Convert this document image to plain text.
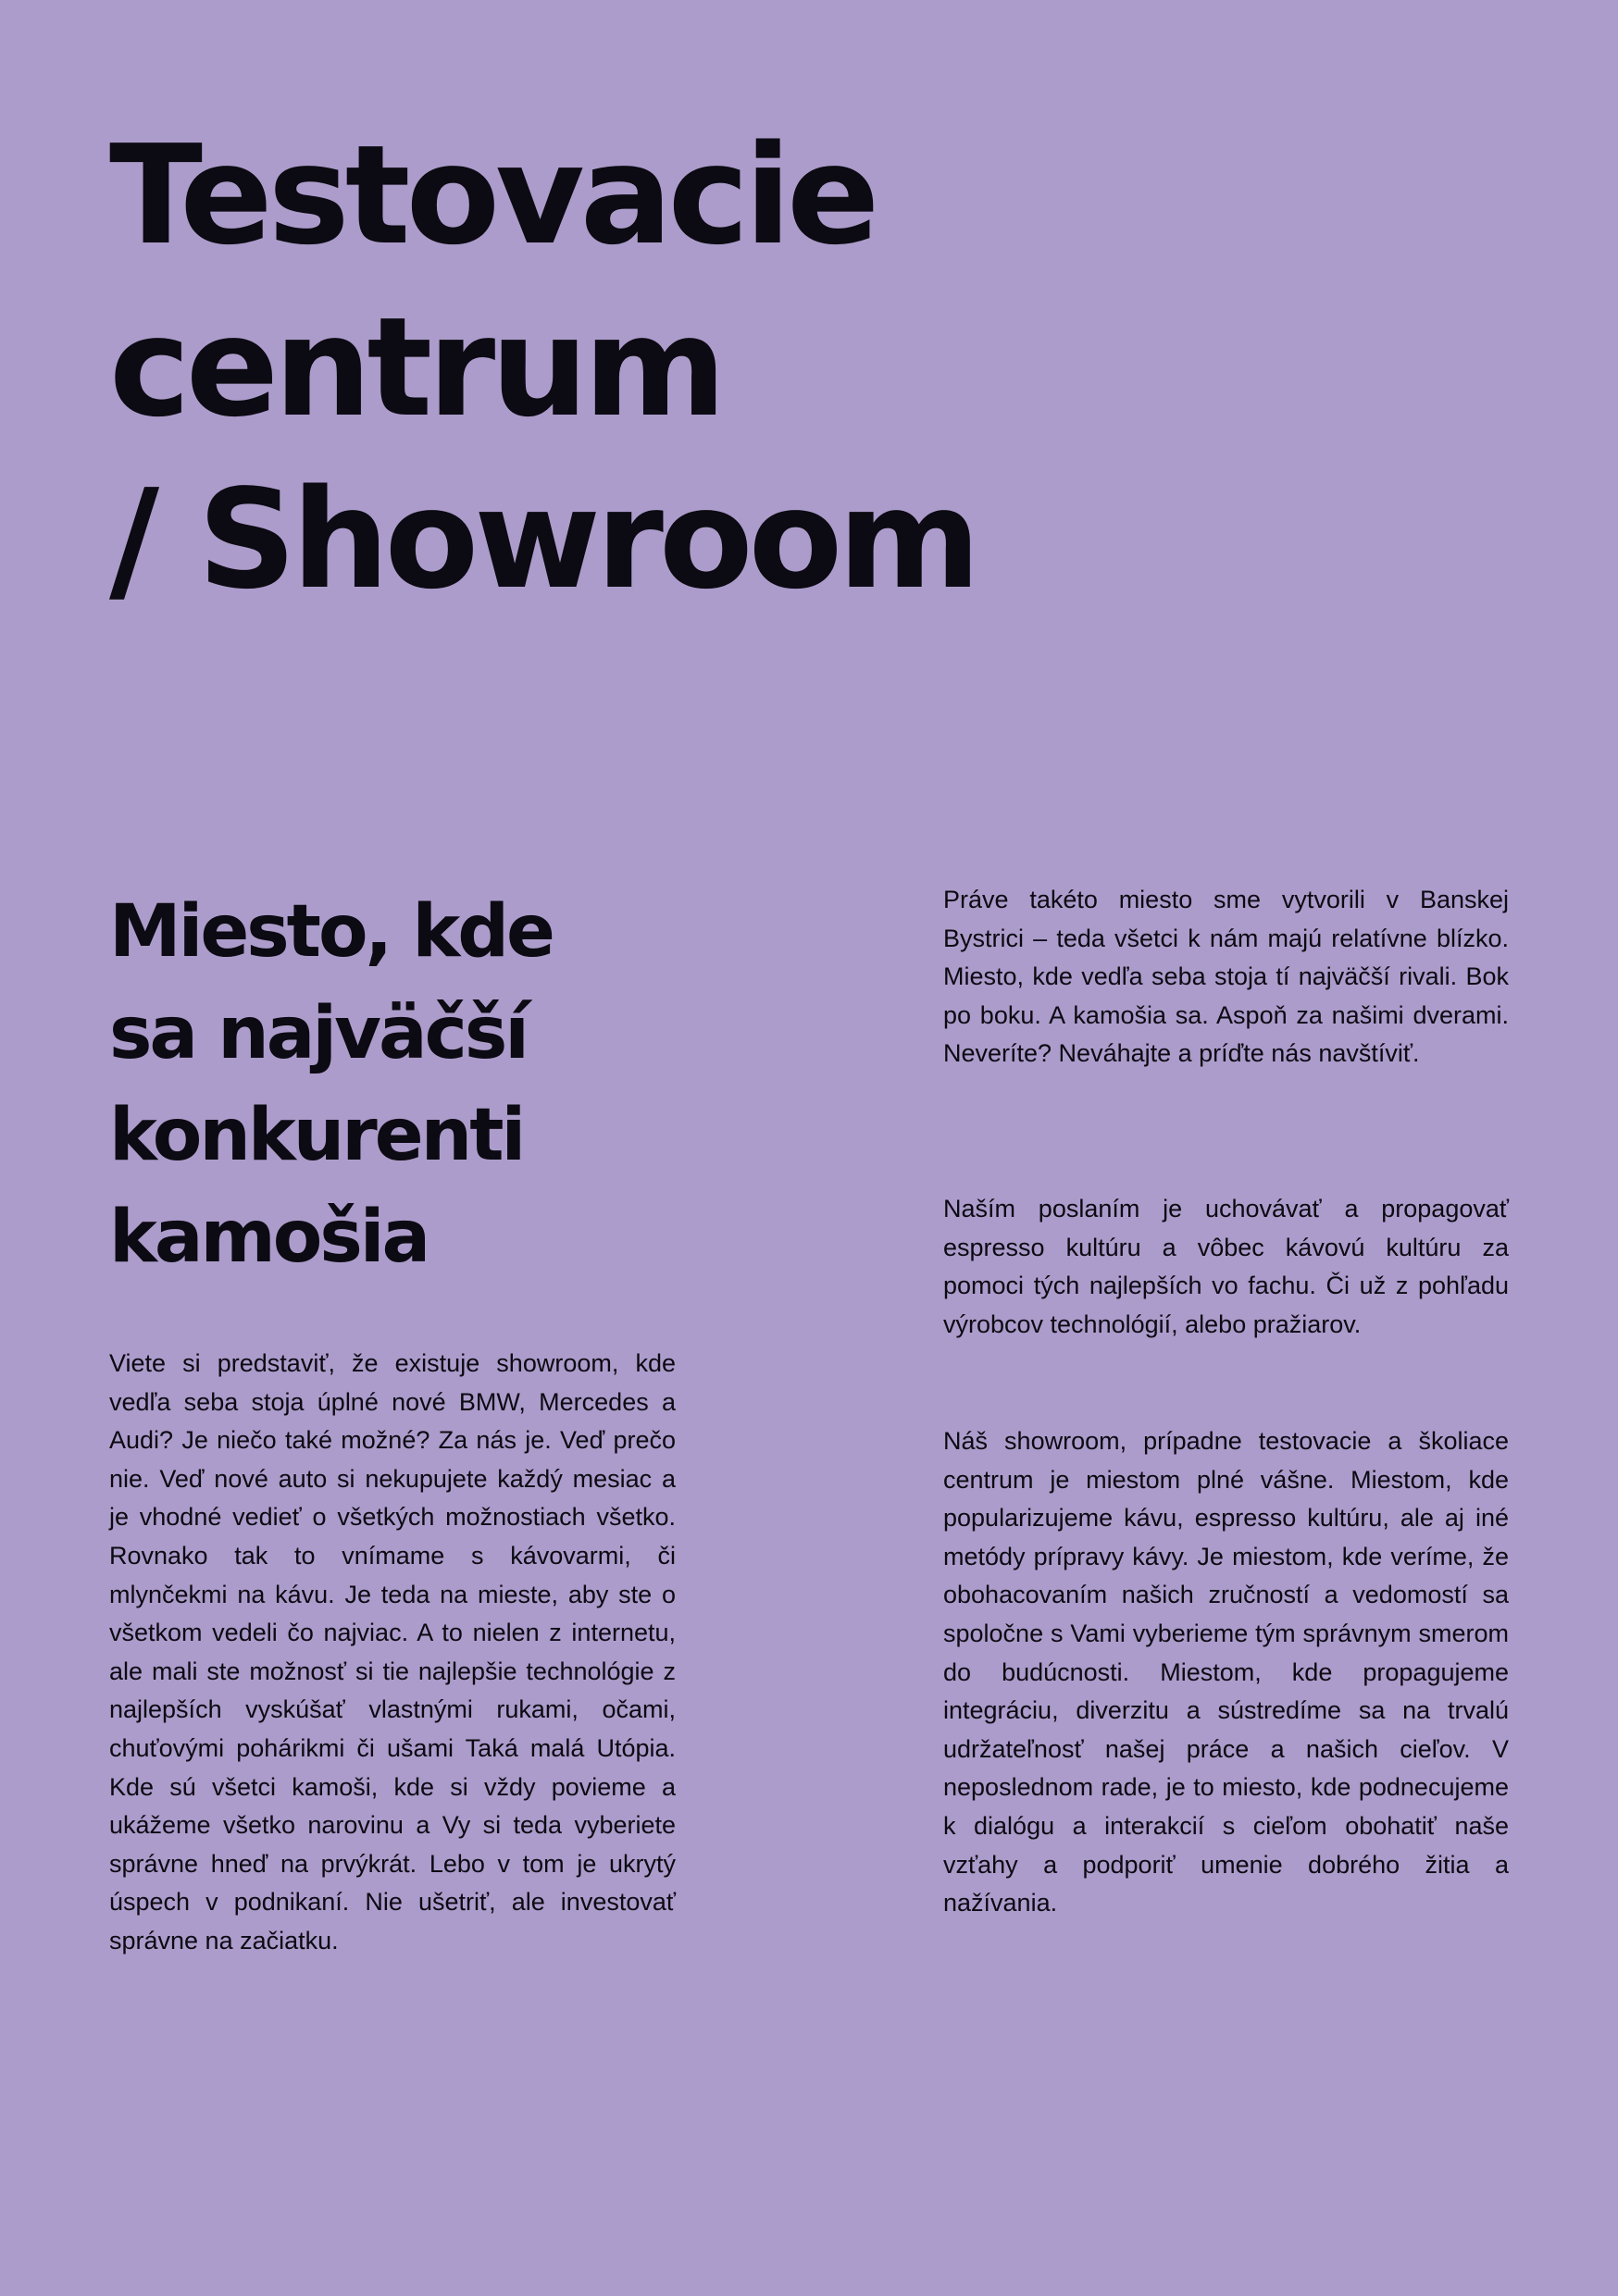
Testovacie
centrum
/ Showroom
Miesto, kde
sa najväčší
konkurenti
kamošia

Viete si predstaviť, že existuje showroom, kde vedľa seba stoja úplné nové BMW, Mercedes a Audi? Je niečo také možné? Za nás je. Veď prečo nie. Veď nové auto si nekupujete každý mesiac a je vhodné vedieť o všetkých možnostiach všetko. Rovnako tak to vnímame s kávovarmi, či mlynčekmi na kávu. Je teda na mieste, aby ste o všetkom vedeli čo najviac. A to nielen z internetu, ale mali ste možnosť si tie najlepšie technológie z najlepších vyskúšať vlastnými rukami, očami, chuťovými pohárikmi či ušami Taká malá Utópia. Kde sú všetci kamoši, kde si vždy povieme a ukážeme všetko narovinu a Vy si teda vyberiete správne hneď na prvýkrát. Lebo v tom je ukrytý úspech v podnikaní. Nie ušetriť, ale investovať správne na začiatku.

Práve takéto miesto sme vytvorili v Banskej Bystrici – teda všetci k nám majú relatívne blízko. Miesto, kde vedľa seba stoja tí najväčší rivali. Bok po boku. A kamošia sa. Aspoň za našimi dverami. Neveríte? Neváhajte a príďte nás navštíviť.

Naším poslaním je uchovávať a propagovať espresso kultúru a vôbec kávovú kultúru za pomoci tých najlepších vo fachu. Či už z pohľadu výrobcov technológií, alebo pražiarov.

Náš showroom, prípadne testovacie a školiace centrum je miestom plné vášne. Miestom, kde popularizujeme kávu, espresso kultúru, ale aj iné metódy prípravy kávy. Je miestom, kde veríme, že obohacovaním našich zručností a vedomostí sa spoločne s Vami vyberieme tým správnym smerom do budúcnosti. Miestom, kde propagujeme integráciu, diverzitu a sústredíme sa na trvalú udržateľnosť našej práce a našich cieľov. V neposlednom rade, je to miesto, kde podnecujeme k dialógu a interakcií s cieľom obohatiť naše vzťahy a podporiť umenie dobrého žitia a nažívania.
